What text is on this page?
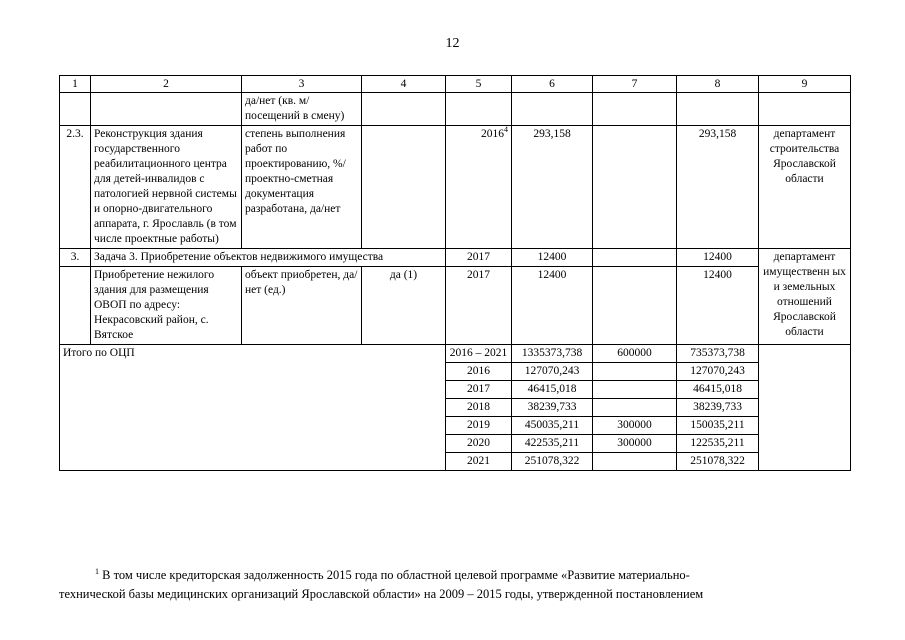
12
1	2	3	4	5	6	7	8	9
		да/нет (кв. м/ посещений в смену)						
2.3.	Реконструкция здания государственного реабилитационного центра для детей-инвалидов с патологией нервной системы и опорно-двигательного аппарата, г. Ярославль (в том числе проектные работы)	степень выполнения работ по проектированию, %/ проектно-сметная документация разработана, да/нет		2016$^4$	293,158		293,158	департамент строительства Ярославской области
3.	Задача 3. Приобретение объектов недвижимого имущества			2017	12400		12400	департамент имущественн ых и земельных отношений Ярославской области
	Приобретение нежилого здания для размещения ОВОП по адресу: Некрасовский район, с. Вятское	объект приобретен, да/нет (ед.)	да (1)	2017	12400		12400	
Итого по ОЦП				2016 – 2021	1335373,738	600000	735373,738	
				2016	127070,243		127070,243	
				2017	46415,018		46415,018	
				2018	38239,733		38239,733	
				2019	450035,211	300000	150035,211	
				2020	422535,211	300000	122535,211	
				2021	251078,322		251078,322	
$^1$ В том числе кредиторская задолженность 2015 года по областной целевой программе «Развитие материально-
технической базы медицинских организаций Ярославской области» на 2009 – 2015 годы, утвержденной постановлением
